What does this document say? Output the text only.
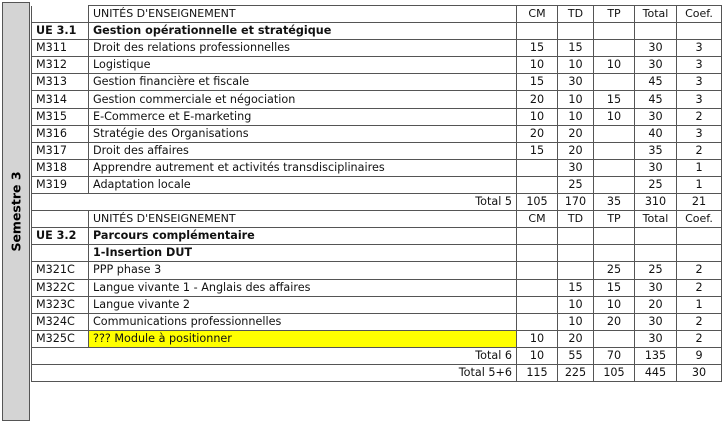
Semestre 3
	UNITÉS D'ENSEIGNEMENT	CM	TD	TP	Total	Coef.
UE 3.1	Gestion opérationnelle et stratégique					
M311	Droit des relations professionnelles	15	15		30	3
M312	Logistique	10	10	10	30	3
M313	Gestion financière et fiscale	15	30		45	3
M314	Gestion commerciale et négociation	20	10	15	45	3
M315	E-Commerce et E-marketing	10	10	10	30	2
M316	Stratégie des Organisations	20	20		40	3
M317	Droit des affaires	15	20		35	2
M318	Apprendre autrement et activités transdisciplinaires		30		30	1
M319	Adaptation locale		25		25	1
Total 5		105	170	35	310	21
	UNITÉS D'ENSEIGNEMENT	CM	TD	TP	Total	Coef.
UE 3.2	Parcours complémentaire					
	1-Insertion DUT					
M321C	PPP phase 3			25	25	2
M322C	Langue vivante 1 - Anglais des affaires		15	15	30	2
M323C	Langue vivante 2		10	10	20	1
M324C	Communications professionnelles		10	20	30	2
M325C	??? Module à positionner	10	20		30	2
Total 6		10	55	70	135	9
Total 5+6		115	225	105	445	30
